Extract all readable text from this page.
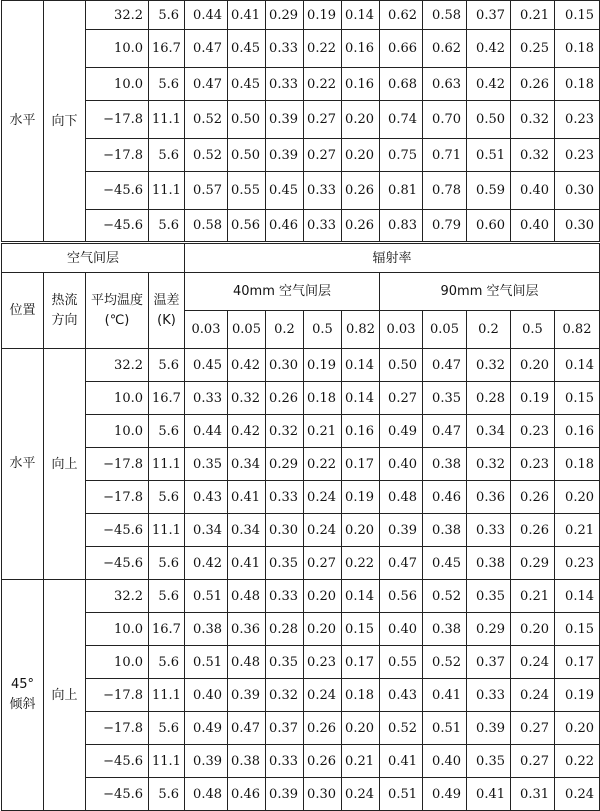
水平	向下	32.2	5.6	0.44	0.41	0.29	0.19	0.14	0.62	0.58	0.37	0.21	0.15
		10.0	16.7	0.47	0.45	0.33	0.22	0.16	0.66	0.62	0.42	0.25	0.18
		10.0	5.6	0.47	0.45	0.33	0.22	0.16	0.68	0.63	0.42	0.26	0.18
		−17.8	11.1	0.52	0.50	0.39	0.27	0.20	0.74	0.70	0.50	0.32	0.23
		−17.8	5.6	0.52	0.50	0.39	0.27	0.20	0.75	0.71	0.51	0.32	0.23
		−45.6	11.1	0.57	0.55	0.45	0.33	0.26	0.81	0.78	0.59	0.40	0.30
		−45.6	5.6	0.58	0.56	0.46	0.33	0.26	0.83	0.79	0.60	0.40	0.30
空气间层				辐射率									
位置	热流方向	平均温度(℃)	温差(K)	40mm 空气间层					90mm 空气间层				
				0.03	0.05	0.2	0.5	0.82	0.03	0.05	0.2	0.5	0.82
水平	向上	32.2	5.6	0.45	0.42	0.30	0.19	0.14	0.50	0.47	0.32	0.20	0.14
		10.0	16.7	0.33	0.32	0.26	0.18	0.14	0.27	0.35	0.28	0.19	0.15
		10.0	5.6	0.44	0.42	0.32	0.21	0.16	0.49	0.47	0.34	0.23	0.16
		−17.8	11.1	0.35	0.34	0.29	0.22	0.17	0.40	0.38	0.32	0.23	0.18
		−17.8	5.6	0.43	0.41	0.33	0.24	0.19	0.48	0.46	0.36	0.26	0.20
		−45.6	11.1	0.34	0.34	0.30	0.24	0.20	0.39	0.38	0.33	0.26	0.21
		−45.6	5.6	0.42	0.41	0.35	0.27	0.22	0.47	0.45	0.38	0.29	0.23
45° 倾斜	向上	32.2	5.6	0.51	0.48	0.33	0.20	0.14	0.56	0.52	0.35	0.21	0.14
		10.0	16.7	0.38	0.36	0.28	0.20	0.15	0.40	0.38	0.29	0.20	0.15
		10.0	5.6	0.51	0.48	0.35	0.23	0.17	0.55	0.52	0.37	0.24	0.17
		−17.8	11.1	0.40	0.39	0.32	0.24	0.18	0.43	0.41	0.33	0.24	0.19
		−17.8	5.6	0.49	0.47	0.37	0.26	0.20	0.52	0.51	0.39	0.27	0.20
		−45.6	11.1	0.39	0.38	0.33	0.26	0.21	0.41	0.40	0.35	0.27	0.22
		−45.6	5.6	0.48	0.46	0.39	0.30	0.24	0.51	0.49	0.41	0.31	0.24
